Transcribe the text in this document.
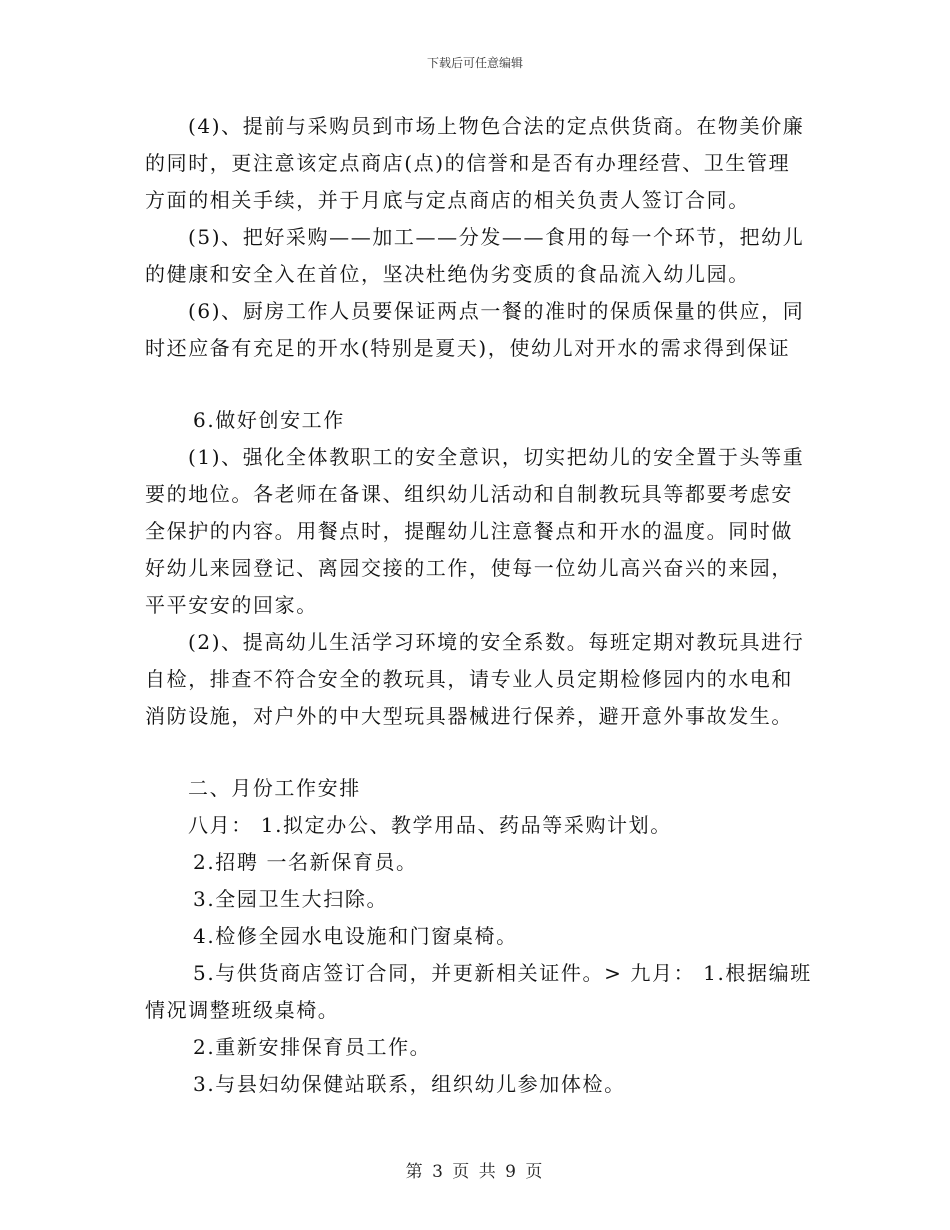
下载后可任意编辑
(4)、提前与采购员到市场上物色合法的定点供货商。在物美价廉
的同时，更注意该定点商店(点)的信誉和是否有办理经营、卫生管理
方面的相关手续，并于月底与定点商店的相关负责人签订合同。
(5)、把好采购——加工——分发——食用的每一个环节，把幼儿
的健康和安全入在首位，坚决杜绝伪劣变质的食品流入幼儿园。
(6)、厨房工作人员要保证两点一餐的准时的保质保量的供应，同
时还应备有充足的开水(特别是夏天)，使幼儿对开水的需求得到保证
6.做好创安工作
(1)、强化全体教职工的安全意识，切实把幼儿的安全置于头等重
要的地位。各老师在备课、组织幼儿活动和自制教玩具等都要考虑安
全保护的内容。用餐点时，提醒幼儿注意餐点和开水的温度。同时做
好幼儿来园登记、离园交接的工作，使每一位幼儿高兴奋兴的来园，
平平安安的回家。
(2)、提高幼儿生活学习环境的安全系数。每班定期对教玩具进行
自检，排查不符合安全的教玩具，请专业人员定期检修园内的水电和
消防设施，对户外的中大型玩具器械进行保养，避开意外事故发生。
二、月份工作安排
八月： 1.拟定办公、教学用品、药品等采购计划。
2.招聘 一名新保育员。
3.全园卫生大扫除。
4.检修全园水电设施和门窗桌椅。
5.与供货商店签订合同，并更新相关证件。> 九月： 1.根据编班
情况调整班级桌椅。
2.重新安排保育员工作。
3.与县妇幼保健站联系，组织幼儿参加体检。
第 3 页 共 9 页
